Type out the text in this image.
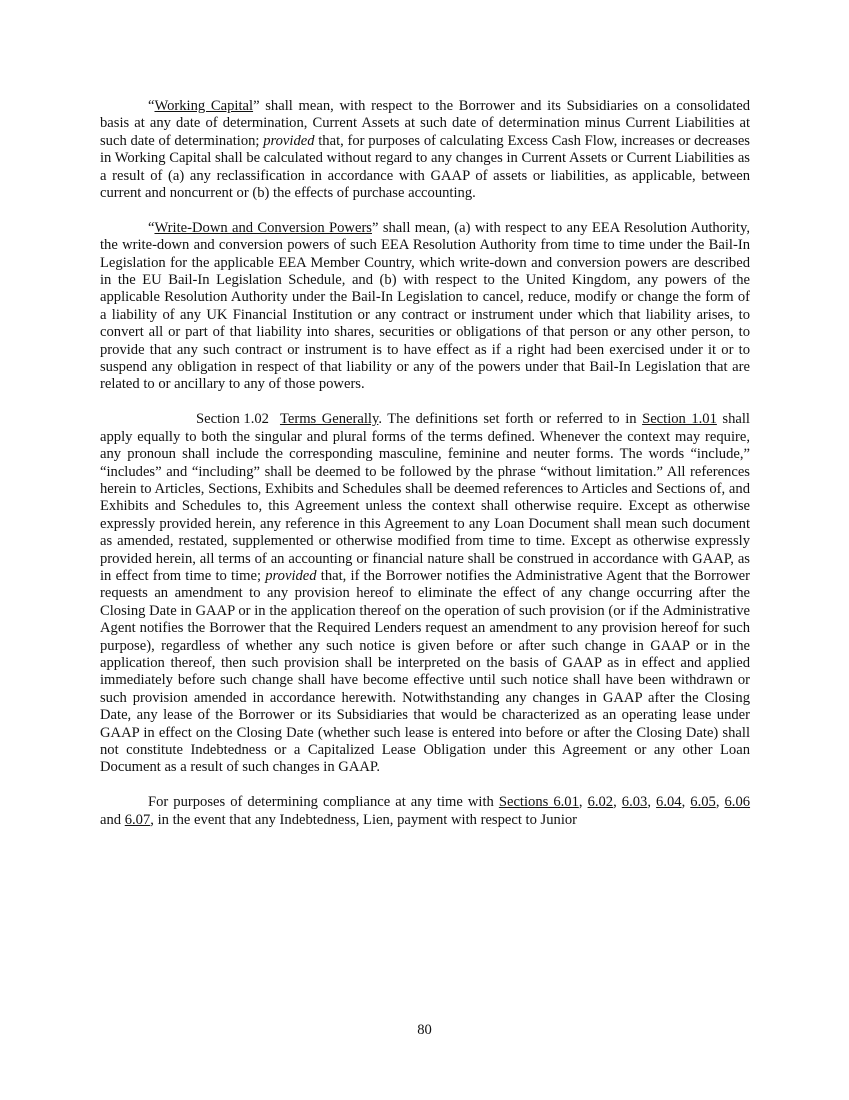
“Working Capital” shall mean, with respect to the Borrower and its Subsidiaries on a consolidated basis at any date of determination, Current Assets at such date of determination minus Current Liabilities at such date of determination; provided that, for purposes of calculating Excess Cash Flow, increases or decreases in Working Capital shall be calculated without regard to any changes in Current Assets or Current Liabilities as a result of (a) any reclassification in accordance with GAAP of assets or liabilities, as applicable, between current and noncurrent or (b) the effects of purchase accounting.

“Write-Down and Conversion Powers” shall mean, (a) with respect to any EEA Resolution Authority, the write-down and conversion powers of such EEA Resolution Authority from time to time under the Bail-In Legislation for the applicable EEA Member Country, which write-down and conversion powers are described in the EU Bail-In Legislation Schedule, and (b) with respect to the United Kingdom, any powers of the applicable Resolution Authority under the Bail-In Legislation to cancel, reduce, modify or change the form of a liability of any UK Financial Institution or any contract or instrument under which that liability arises, to convert all or part of that liability into shares, securities or obligations of that person or any other person, to provide that any such contract or instrument is to have effect as if a right had been exercised under it or to suspend any obligation in respect of that liability or any of the powers under that Bail-In Legislation that are related to or ancillary to any of those powers.

Section 1.02 Terms Generally. The definitions set forth or referred to in Section 1.01 shall apply equally to both the singular and plural forms of the terms defined. Whenever the context may require, any pronoun shall include the corresponding masculine, feminine and neuter forms. The words “include,” “includes” and “including” shall be deemed to be followed by the phrase “without limitation.” All references herein to Articles, Sections, Exhibits and Schedules shall be deemed references to Articles and Sections of, and Exhibits and Schedules to, this Agreement unless the context shall otherwise require. Except as otherwise expressly provided herein, any reference in this Agreement to any Loan Document shall mean such document as amended, restated, supplemented or otherwise modified from time to time. Except as otherwise expressly provided herein, all terms of an accounting or financial nature shall be construed in accordance with GAAP, as in effect from time to time; provided that, if the Borrower notifies the Administrative Agent that the Borrower requests an amendment to any provision hereof to eliminate the effect of any change occurring after the Closing Date in GAAP or in the application thereof on the operation of such provision (or if the Administrative Agent notifies the Borrower that the Required Lenders request an amendment to any provision hereof for such purpose), regardless of whether any such notice is given before or after such change in GAAP or in the application thereof, then such provision shall be interpreted on the basis of GAAP as in effect and applied immediately before such change shall have become effective until such notice shall have been withdrawn or such provision amended in accordance herewith. Notwithstanding any changes in GAAP after the Closing Date, any lease of the Borrower or its Subsidiaries that would be characterized as an operating lease under GAAP in effect on the Closing Date (whether such lease is entered into before or after the Closing Date) shall not constitute Indebtedness or a Capitalized Lease Obligation under this Agreement or any other Loan Document as a result of such changes in GAAP.

For purposes of determining compliance at any time with Sections 6.01, 6.02, 6.03, 6.04, 6.05, 6.06 and 6.07, in the event that any Indebtedness, Lien, payment with respect to Junior

80
